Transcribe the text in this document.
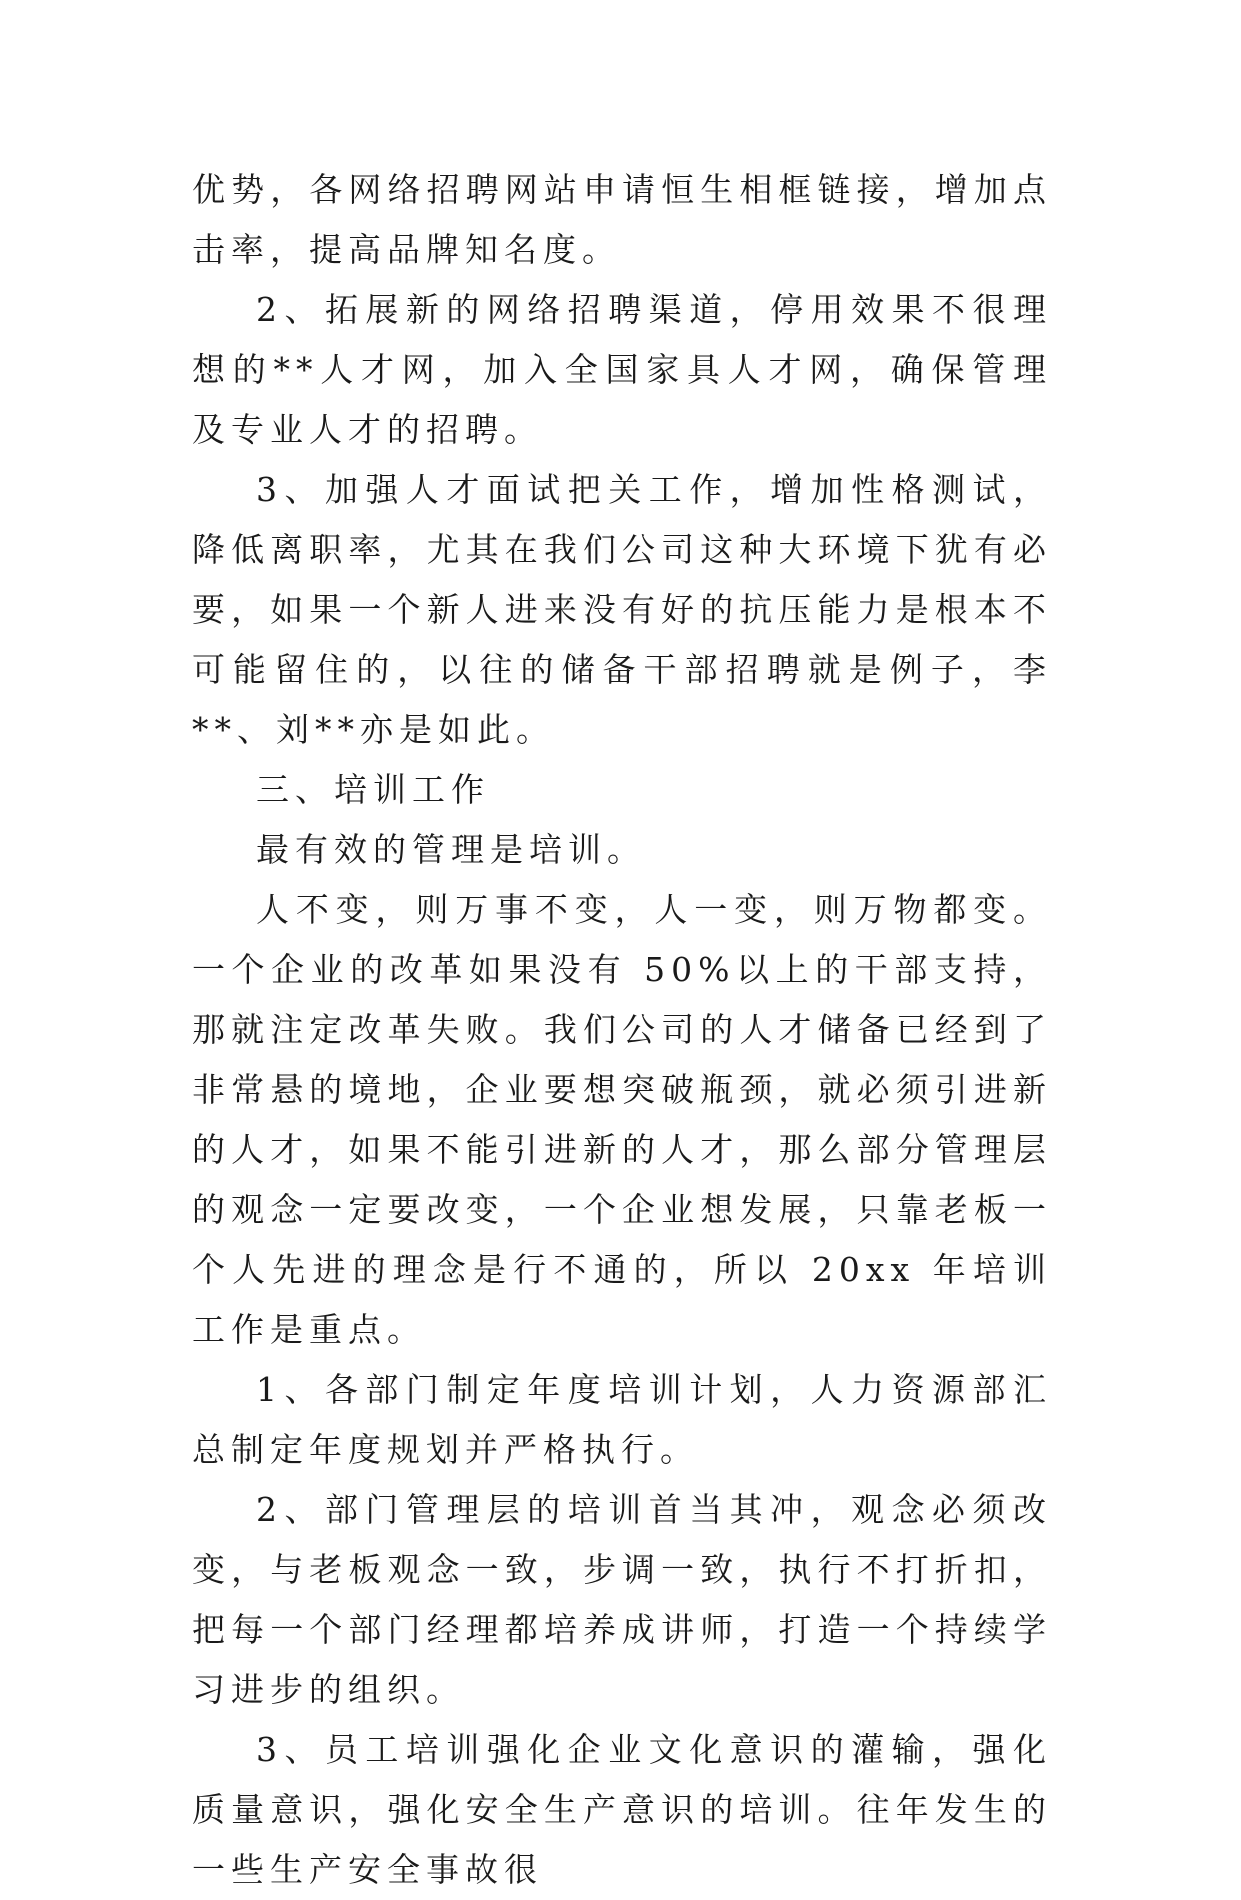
优势，各网络招聘网站申请恒生相框链接，增加点击率，提高品牌知名度。

2、拓展新的网络招聘渠道，停用效果不很理想的**人才网，加入全国家具人才网，确保管理及专业人才的招聘。

3、加强人才面试把关工作，增加性格测试，降低离职率，尤其在我们公司这种大环境下犹有必要，如果一个新人进来没有好的抗压能力是根本不可能留住的，以往的储备干部招聘就是例子，李**、刘**亦是如此。

三、培训工作

最有效的管理是培训。

人不变，则万事不变，人一变，则万物都变。一个企业的改革如果没有 50%以上的干部支持，那就注定改革失败。我们公司的人才储备已经到了非常悬的境地，企业要想突破瓶颈，就必须引进新的人才，如果不能引进新的人才，那么部分管理层的观念一定要改变，一个企业想发展，只靠老板一个人先进的理念是行不通的，所以 20xx 年培训工作是重点。

1、各部门制定年度培训计划，人力资源部汇总制定年度规划并严格执行。

2、部门管理层的培训首当其冲，观念必须改变，与老板观念一致，步调一致，执行不打折扣，把每一个部门经理都培养成讲师，打造一个持续学习进步的组织。

3、员工培训强化企业文化意识的灌输，强化质量意识，强化安全生产意识的培训。往年发生的一些生产安全事故很
